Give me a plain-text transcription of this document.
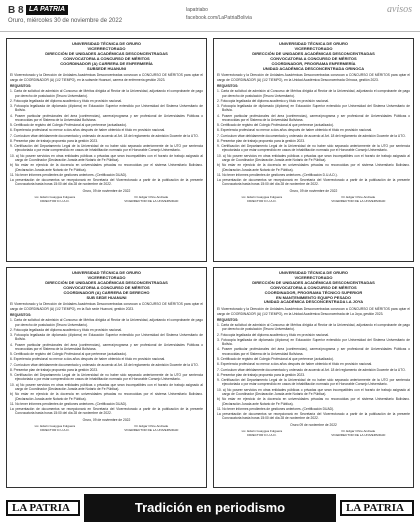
B 8 LA PATRIA
Oruro, miércoles 30 de noviembre de 2022
lapatriabo
facebook.com/LaPatriaBolivia
avisos
UNIVERSIDAD TÉCNICA DE ORURO
VICERRECTORADO
DIRECCIÓN DE UNIDADES ACADÉMICAS DESCONCENTRADAS
CONVOCATORIA A CONCURSO DE MÉRITOS
COORDINADOR (A) CARRERA DE ENFERMERÍA
SUBSEDE HUANUNI

El Vicerrectorado y la Dirección de Unidades Académicas Desconcentradas convocan a CONCURSO DE MÉRITOS para optar el cargo de COORDINADOR (A) (1/2 TIEMPO), en la subsede Huanuni, carrera de enfermería gestión 2023.

REQUISITOS:
1. Carta de solicitud de admisión al Concurso de Méritos dirigida al Rector de la Universidad, adjuntando el comprobante de pago por derecho de postulación (Tesoro Universitario).
2. Fotocopia legalizada del diploma académico y título en provisión nacional.
3. Fotocopia legalizada de diplomado (diploma) en Educación Superior extendido por Universidad del Sistema Universitario de Bolivia.
4. Poseer particular profesionales del área (conferencias), carrera/programa y ser profesional de Universidades Públicas o reconocidas por el Sistema de la Universidad Boliviana.
5. Certificado de registro del Colegio Profesional al que pertenece (actualizado).
6. Experiencia profesional no menor a dos años después de haber obtenido el título en provisión nacional.
7. Currículum vitae debidamente documentado y ordenado de acuerdo al Art. 18 del reglamento de admisión Docente de la UTO.
8. Presentar plan de trabajo propuesto para la gestión 2023.
9. Certificación del Departamento Legal de la Universidad de no haber sido separado anteriormente de la UTO por sentencia ejecutoriada o por estar comprendido en casos de inhabilitación normado por el Honorable Consejo Universitario.
10. a) No poseer servicios en otras entidades públicas o privadas que sean incompatibles con el horario de trabajo asignado al cargo de Coordinador (Declaración Jurada ante Notario de Fe Pública).
b) No estar en ejercicio de la docencia en universidades privadas no reconocidas por el sistema Universitario Boliviano. (Declaración Jurada ante Notario de Fe Pública).
11. No tener informes pendientes de gestiones anteriores. (Certificación DUAD).
La presentación de documentos se recepcionará en Secretaría del Vicerrectorado a partir de la publicación de la presente Convocatoria hasta horas 15:00 del día 28 de noviembre de 2022.
Oruro, 09 de noviembre de 2022
Lic. Edwin Guaygua Fulguera
DIRECTOR D.U.A.D.
Dr. Edgar Chire Andrade
VICERRECTOR DE LA UNIVERSIDAD
UNIVERSIDAD TÉCNICA DE ORURO
VICERRECTORADO
DIRECCIÓN DE UNIDADES ACADÉMICAS DESCONCENTRADAS
CONVOCATORIA A CONCURSO DE MÉRITOS
COORDINADOR, PROGRAMA ENFERMERÍA
UNIDAD ACADÉMICA DESCONCENTRADA ORINOCA

El Vicerrectorado y la Dirección de Unidades Académicas Desconcentradas convocan a CONCURSO DE MÉRITOS para optar el cargo de COORDINADOR (A) (1/2 TIEMPO), en la Unidad Académica Desconcentrada Orinoca, gestión 2023.

REQUISITOS:
1. Carta de solicitud de admisión al Concurso de Méritos dirigida al Rector de la Universidad, adjuntando el comprobante de pago por derecho de postulación (Tesoro Universitario).
2. Fotocopia legalizada del diploma académico y título en provisión nacional.
3. Fotocopia legalizada de diplomado (diploma) en Educación Superior extendido por Universidad del Sistema Universitario de Bolivia.
4. Poseer particular profesionales del área (conferencias), carrera/programa y ser profesional de Universidades Públicas o reconocidas por el Sistema de la Universidad Boliviana.
5. Certificado de registro del Colegio Profesional al que pertenece (actualizado).
6. Experiencia profesional no menor a dos años después de haber obtenido el título en provisión nacional.
7. Currículum vitae debidamente documentado y ordenado de acuerdo al Art. 18 del reglamento de admisión Docente de la UTO.
8. Presentar plan de trabajo propuesto para la gestión 2023.
9. Certificación del Departamento Legal de la Universidad de no haber sido separado anteriormente de la UTO por sentencia ejecutoriada o por estar comprendido en casos de inhabilitación normado por el Honorable Consejo Universitario.
10. a) No poseer servicios en otras entidades públicas o privadas que sean incompatibles con el horario de trabajo asignado al cargo de Coordinador (Declaración Jurada ante Notario de Fe Pública).
b) No estar en ejercicio de la docencia en universidades privadas no reconocidas por el sistema Universitario Boliviano. (Declaración Jurada ante Notario de Fe Pública).
11. No tener informes pendientes de gestiones anteriores. (Certificación D.U.A.D.).
La presentación de documentos se recepcionará en Secretaría del Vicerrectorado a partir de la publicación de la presente Convocatoria hasta horas 15:00 del día 28 de noviembre de 2022.
Oruro, 09 de noviembre de 2022
Lic. Edwin Guaygua Fulguera
DIRECTOR D.U.A.D.
Dr. Edgar Chire Andrade
VICERRECTOR DE LA UNIVERSIDAD
UNIVERSIDAD TÉCNICA DE ORURO
VICERRECTORADO
DIRECCIÓN DE UNIDADES ACADÉMICAS DESCONCENTRADAS
CONVOCATORIA A CONCURSO DE MÉRITOS
COORDINADOR (A) CARRERA DE DERECHO
SUB SEDE HUANUNI

El Vicerrectorado y la Dirección de Unidades Académicas Desconcentradas convocan a CONCURSO DE MÉRITOS para optar el cargo de COORDINADOR (A) (1/2 TIEMPO), en la Sub sede Huanuni, gestión 2023.

REQUISITOS:
1. Carta de solicitud de admisión al Concurso de Méritos dirigida al Rector de la Universidad, adjuntando el comprobante de pago por derecho de postulación (Tesoro Universitario).
2. Fotocopia legalizada del diploma académico y título en provisión nacional.
3. Fotocopia legalizada de diplomado (diploma) en Educación Superior extendido por Universidad del Sistema Universitario de Bolivia.
4. Poseer particular profesionales del área (conferencias), carrera/programa y ser profesional de Universidades Públicas o reconocidas por el Sistema de la Universidad Boliviana.
5. Certificado de registro del Colegio Profesional al que pertenece (actualizado).
6. Experiencia profesional no menor a dos años después de haber obtenido el título en provisión nacional.
7. Currículum vitae debidamente documentado y ordenado de acuerdo al Art. 18 del reglamento de admisión Docente de la UTO.
8. Presentar plan de trabajo propuesto para la gestión 2023.
9. Certificación del Departamento Legal de la Universidad de no haber sido separado anteriormente de la UTO por sentencia ejecutoriada o por estar comprendido en casos de inhabilitación normado por el Honorable Consejo Universitario.
10. a) No poseer servicios en otras entidades públicas o privadas que sean incompatibles con el horario de trabajo asignado al cargo de Coordinador (Declaración Jurada ante Notario de Fe Pública).
b) No estar en ejercicio de la docencia en universidades privadas no reconocidas por el sistema Universitario Boliviano. (Declaración Jurada ante Notario de Fe Pública).
11. No tener informes pendientes de gestiones anteriores. (Certificación DUAD).
La presentación de documentos se recepcionará en Secretaría del Vicerrectorado a partir de la publicación de la presente Convocatoria hasta horas 15:00 del día 28 de noviembre de 2022.
Oruro, 09 de noviembre de 2022
Lic. Edwin Guaygua Fulguera
DIRECTOR D.U.A.D.
Dr. Edgar Chire Andrade
VICERRECTOR DE LA UNIVERSIDAD
UNIVERSIDAD TÉCNICA DE ORURO
VICERRECTORADO
DIRECCIÓN DE UNIDADES ACADÉMICAS DESCONCENTRADAS
CONVOCATORIA A CONCURSO DE MÉRITOS
COORDINADOR, PROGRAMA TÉCNICO SUPERIOR
EN MANTENIMIENTO EQUIPO PESADO
UNIDAD ACADÉMICA DESCONCENTRADA LA JOYA

El Vicerrectorado y la Dirección de Unidades Académicas Desconcentradas convocan a CONCURSO DE MÉRITOS para optar el cargo de COORDINADOR (A) (1/2 TIEMPO), en la Unidad Académica Desconcentrada de La Joya, gestión 2023.

REQUISITOS:
1. Carta de solicitud de admisión al Concurso de Méritos dirigida al Rector de la Universidad, adjuntando el comprobante de pago por derecho de postulación (Tesoro Universitario).
2. Fotocopia legalizada del diploma académico y título en provisión nacional.
3. Fotocopia legalizada de diplomado (diploma) en Educación Superior extendido por Universidad del Sistema Universitario de Bolivia.
4. Poseer particular profesionales del área (conferencias), carrera/programa y ser profesional de Universidades Públicas o reconocidas por el Sistema de la Universidad Boliviana.
5. Certificado de registro del Colegio Profesional al que pertenece (actualizado).
6. Experiencia profesional no menor a dos años después de haber obtenido el título en provisión nacional.
7. Currículum vitae debidamente documentado y ordenado de acuerdo al Art. 18 del reglamento de admisión Docente de la UTO.
8. Presentar plan de trabajo propuesto para la gestión 2023.
9. Certificación del Departamento Legal de la Universidad de no haber sido separado anteriormente de la UTO por sentencia ejecutoriada o por estar comprendido en casos de inhabilitación normado por el Honorable Consejo Universitario.
10. a) No poseer servicios en otras entidades públicas o privadas que sean incompatibles con el horario de trabajo asignado al cargo de Coordinador (Declaración Jurada ante Notario de Fe Pública).
b) No estar en ejercicio de la docencia en universidades privadas no reconocidas por el sistema Universitario Boliviano. (Declaración Jurada ante Notario de Fe Pública).
11. No tener informes pendientes de gestiones anteriores. (Certificación DUAD).
La presentación de documentos se recepcionará en Secretaría del Vicerrectorado a partir de la publicación de la presente Convocatoria hasta horas 15:00 del día 28 de noviembre de 2022.
Oruro 09 de noviembre de 2022
Lic. Edwin Guaygua Fulguera
DIRECTOR D.U.A.D.
Dr. Edgar Chire Andrade
VICERRECTOR DE LA UNIVERSIDAD
LA PATRIA	Tradición en periodismo	LA PATRIA
